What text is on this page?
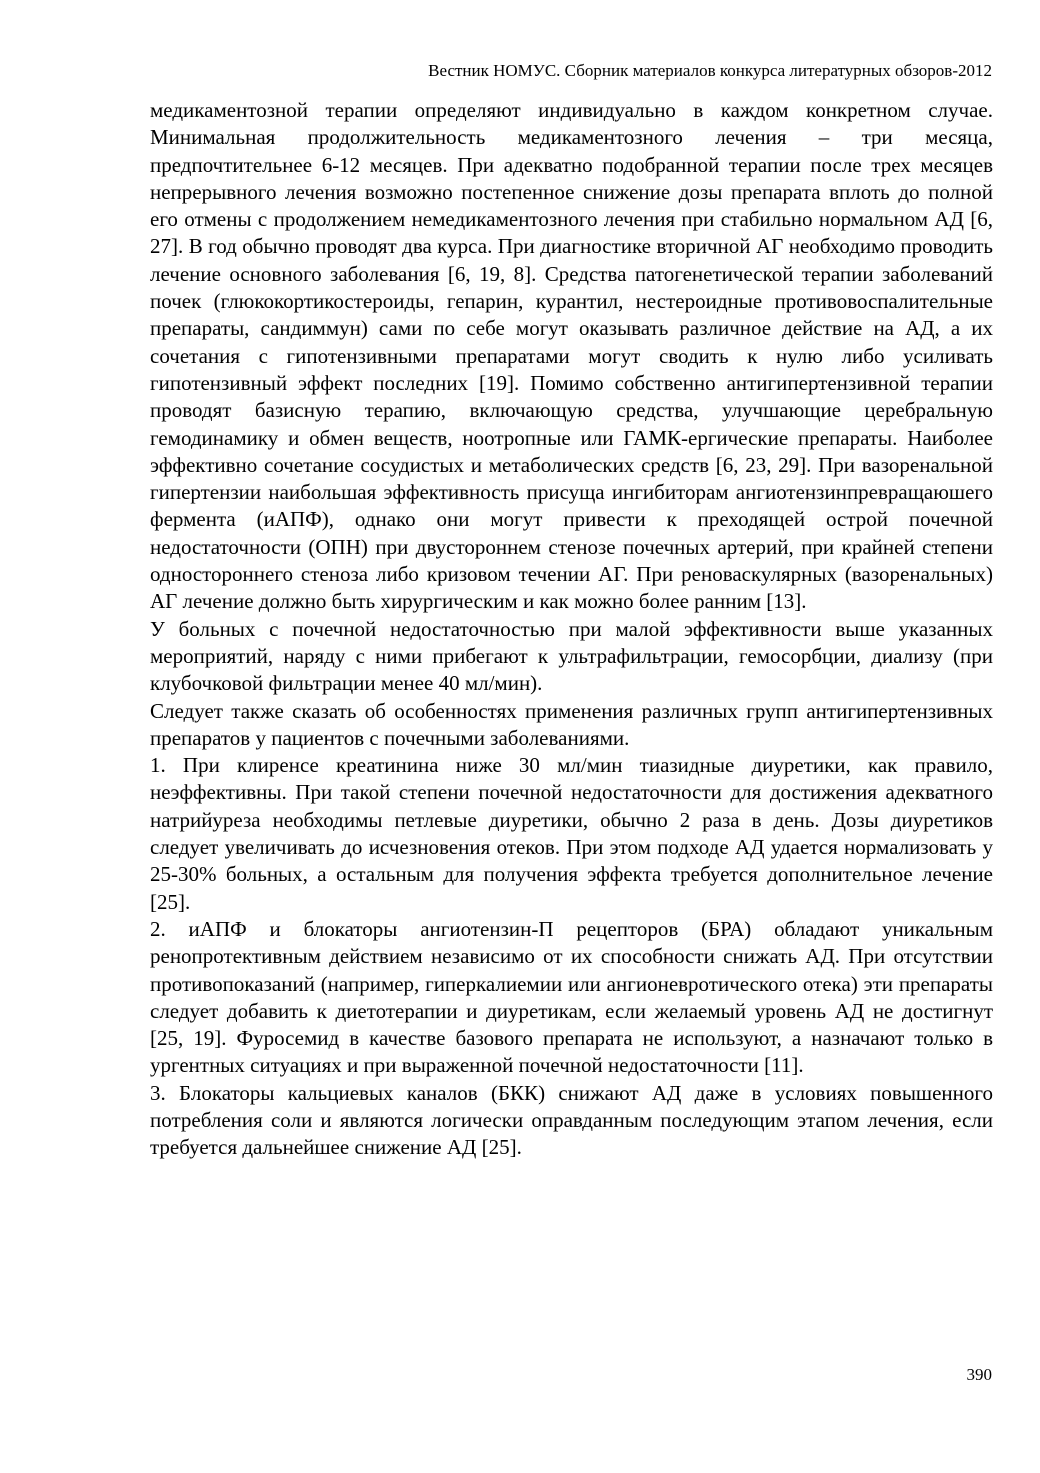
Вестник НОМУС. Сборник материалов конкурса литературных обзоров-2012

медикаментозной терапии определяют индивидуально в каждом конкретном случае. Минимальная продолжительность медикаментозного лечения – три месяца, предпочтительнее 6-12 месяцев. При адекватно подобранной терапии после трех месяцев непрерывного лечения возможно постепенное снижение дозы препарата вплоть до полной его отмены с продолжением немедикаментозного лечения при стабильно нормальном АД [6, 27]. В год обычно проводят два курса. При диагностике вторичной АГ необходимо проводить лечение основного заболевания [6, 19, 8]. Средства патогенетической терапии заболеваний почек (глюкокортикостероиды, гепарин, курантил, нестероидные противовоспалительные препараты, сандиммун) сами по себе могут оказывать различное действие на АД, а их сочетания с гипотензивными препаратами могут сводить к нулю либо усиливать гипотензивный эффект последних [19]. Помимо собственно антигипертензивной терапии проводят базисную терапию, включающую средства, улучшающие церебральную гемодинамику и обмен веществ, ноотропные или ГАМК-ергические препараты. Наиболее эффективно сочетание сосудистых и метаболических средств [6, 23, 29]. При вазоренальной гипертензии наибольшая эффективность присуща ингибиторам ангиотензинпревращаюшего фермента (иАПФ), однако они могут привести к преходящей острой почечной недостаточности (ОПН) при двустороннем стенозе почечных артерий, при крайней степени одностороннего стеноза либо кризовом течении АГ. При реноваскулярных (вазоренальных) АГ лечение должно быть хирургическим и как можно более ранним [13].

У больных с почечной недостаточностью при малой эффективности выше указанных мероприятий, наряду с ними прибегают к ультрафильтрации, гемосорбции, диализу (при клубочковой фильтрации менее 40 мл/мин).

Следует также сказать об особенностях применения различных групп антигипертензивных препаратов у пациентов с почечными заболеваниями.

1. При клиренсе креатинина ниже 30 мл/мин тиазидные диуретики, как правило, неэффективны. При такой степени почечной недостаточности для достижения адекватного натрийуреза необходимы петлевые диуретики, обычно 2 раза в день. Дозы диуретиков следует увеличивать до исчезновения отеков. При этом подходе АД удается нормализовать у 25-30% больных, а остальным для получения эффекта требуется дополнительное лечение [25].

2. иАПФ и блокаторы ангиотензин-П рецепторов (БРА) обладают уникальным ренопротективным действием независимо от их способности снижать АД. При отсутствии противопоказаний (например, гиперкалиемии или ангионевротического отека) эти препараты следует добавить к диетотерапии и диуретикам, если желаемый уровень АД не достигнут [25, 19]. Фуросемид в качестве базового препарата не используют, а назначают только в ургентных ситуациях и при выраженной почечной недостаточности [11].

3. Блокаторы кальциевых каналов (БКК) снижают АД даже в условиях повышенного потребления соли и являются логически оправданным последующим этапом лечения, если требуется дальнейшее снижение АД [25].

390
